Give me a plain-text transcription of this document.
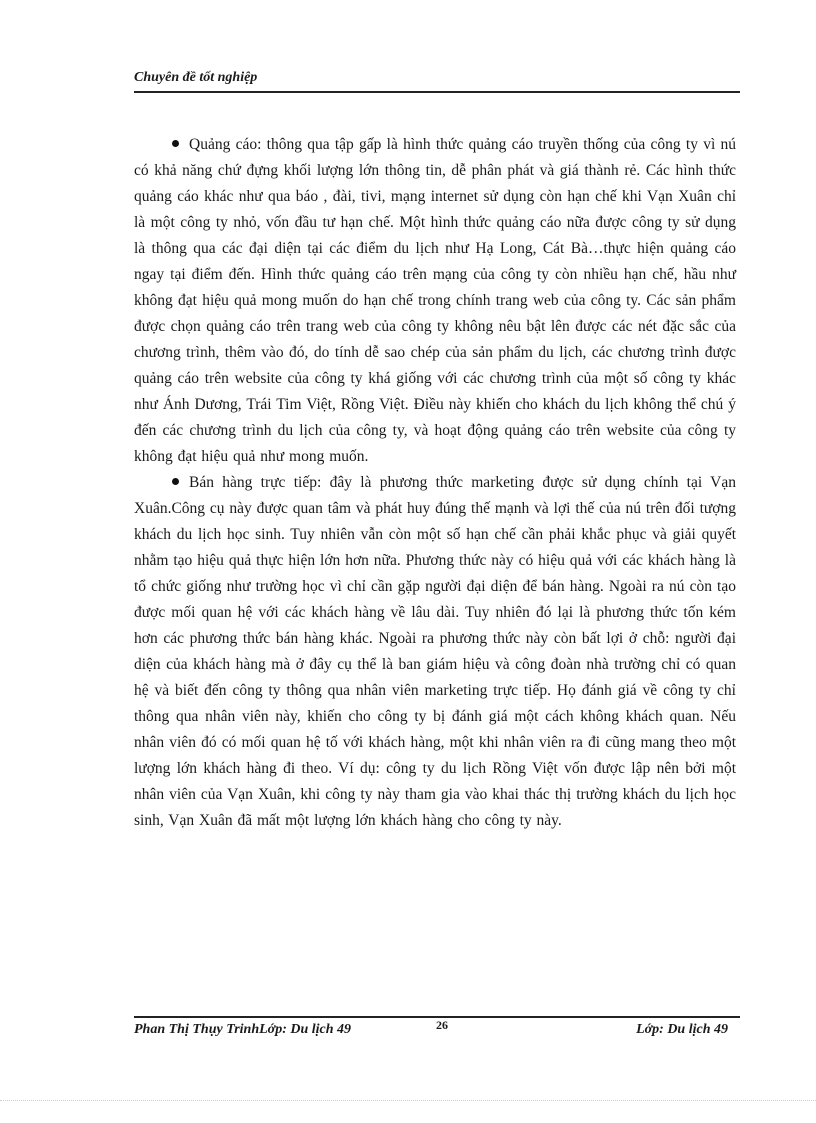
Chuyên đề tốt nghiệp

Quảng cáo: thông qua tập gấp là hình thức quảng cáo truyền thống của công ty vì nú có khả năng chứ đựng khối lượng lớn thông tin, dễ phân phát và giá thành rẻ. Các hình thức quảng cáo khác như qua báo , đài, tivi, mạng internet sử dụng còn hạn chế khi Vạn Xuân chỉ là một công ty nhỏ, vốn đầu tư hạn chế. Một hình thức quảng cáo nữa được công ty sử dụng là thông qua các đại diện tại các điểm du lịch như Hạ Long, Cát Bà…thực hiện quảng cáo ngay tại điểm đến. Hình thức quảng cáo trên mạng của công ty còn nhiều hạn chế, hầu như không đạt hiệu quả mong muốn do hạn chế trong chính trang web của công ty. Các sản phẩm được chọn quảng cáo trên trang web của công ty không nêu bật lên được các nét đặc sắc của chương trình, thêm vào đó, do tính dễ sao chép của sản phẩm du lịch, các chương trình được quảng cáo trên website của công ty khá giống với các chương trình của một số công ty khác như Ánh Dương, Trái Tim Việt, Rồng Việt. Điều này khiến cho khách du lịch không thể chú ý đến các chương trình du lịch của công ty, và hoạt động quảng cáo trên website của công ty không đạt hiệu quả như mong muốn.

Bán hàng trực tiếp: đây là phương thức marketing được sử dụng chính tại Vạn Xuân.Công cụ này được quan tâm và phát huy đúng thế mạnh và lợi thế của nú trên đối tượng khách du lịch học sinh. Tuy nhiên vẫn còn một số hạn chế cần phải khắc phục và giải quyết nhằm tạo hiệu quả thực hiện lớn hơn nữa. Phương thức này có hiệu quả với các khách hàng là tổ chức giống như trường học vì chỉ cần gặp người đại diện để bán hàng. Ngoài ra nú còn tạo được mối quan hệ với các khách hàng về lâu dài. Tuy nhiên đó lại là phương thức tốn kém hơn các phương thức bán hàng khác. Ngoài ra phương thức này còn bất lợi ở chỗ: người đại diện của khách hàng mà ở đây cụ thể là ban giám hiệu và công đoàn nhà trường chỉ có quan hệ và biết đến công ty thông qua nhân viên marketing trực tiếp. Họ đánh giá về công ty chỉ thông qua nhân viên này, khiến cho công ty bị đánh giá một cách không khách quan. Nếu nhân viên đó có mối quan hệ tố với khách hàng, một khi nhân viên ra đi cũng mang theo một lượng lớn khách hàng đi theo. Ví dụ: công ty du lịch Rồng Việt vốn được lập nên bởi một nhân viên của Vạn Xuân, khi công ty này tham gia vào khai thác thị trường khách du lịch học sinh, Vạn Xuân đã mất một lượng lớn khách hàng cho công ty này.

Phan Thị Thụy TrinhLớp: Du lịch 49	26	Lớp: Du lịch 49
